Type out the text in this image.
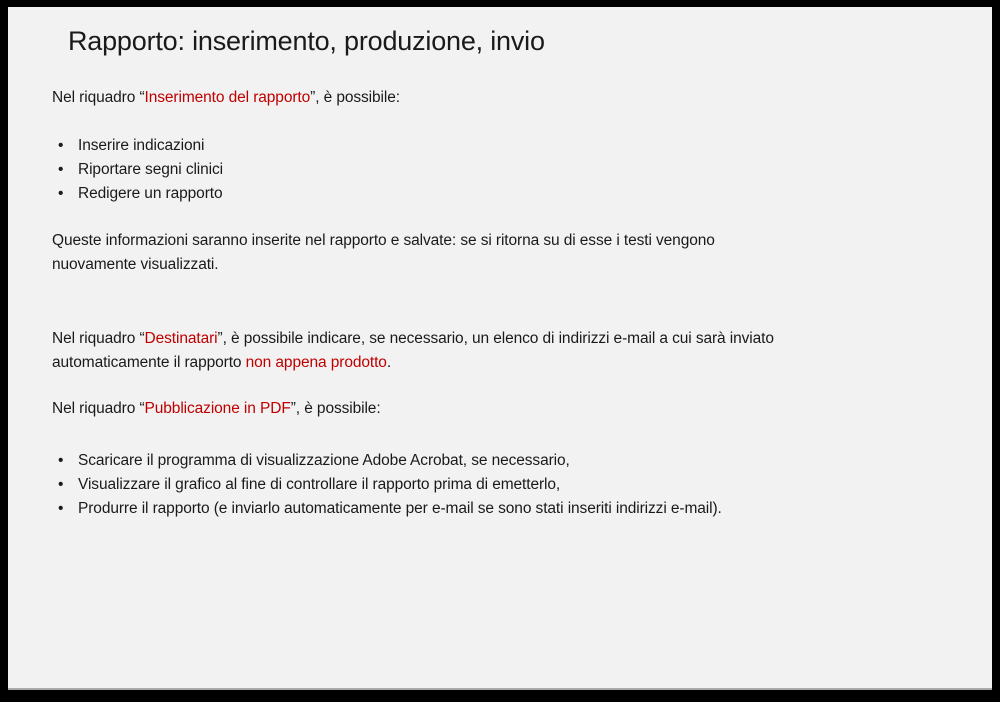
Rapporto: inserimento, produzione, invio

Nel riquadro “Inserimento del rapporto”, è possibile:

• Inserire indicazioni
• Riportare segni clinici
• Redigere un rapporto

Queste informazioni saranno inserite nel rapporto e salvate: se si ritorna su di esse i testi vengono
nuovamente visualizzati.

Nel riquadro “Destinatari”, è possibile indicare, se necessario, un elenco di indirizzi e-mail a cui sarà inviato
automaticamente il rapporto non appena prodotto.

Nel riquadro “Pubblicazione in PDF”, è possibile:

• Scaricare il programma di visualizzazione Adobe Acrobat, se necessario,
• Visualizzare il grafico al fine di controllare il rapporto prima di emetterlo,
• Produrre il rapporto (e inviarlo automaticamente per e-mail se sono stati inseriti indirizzi e-mail).
